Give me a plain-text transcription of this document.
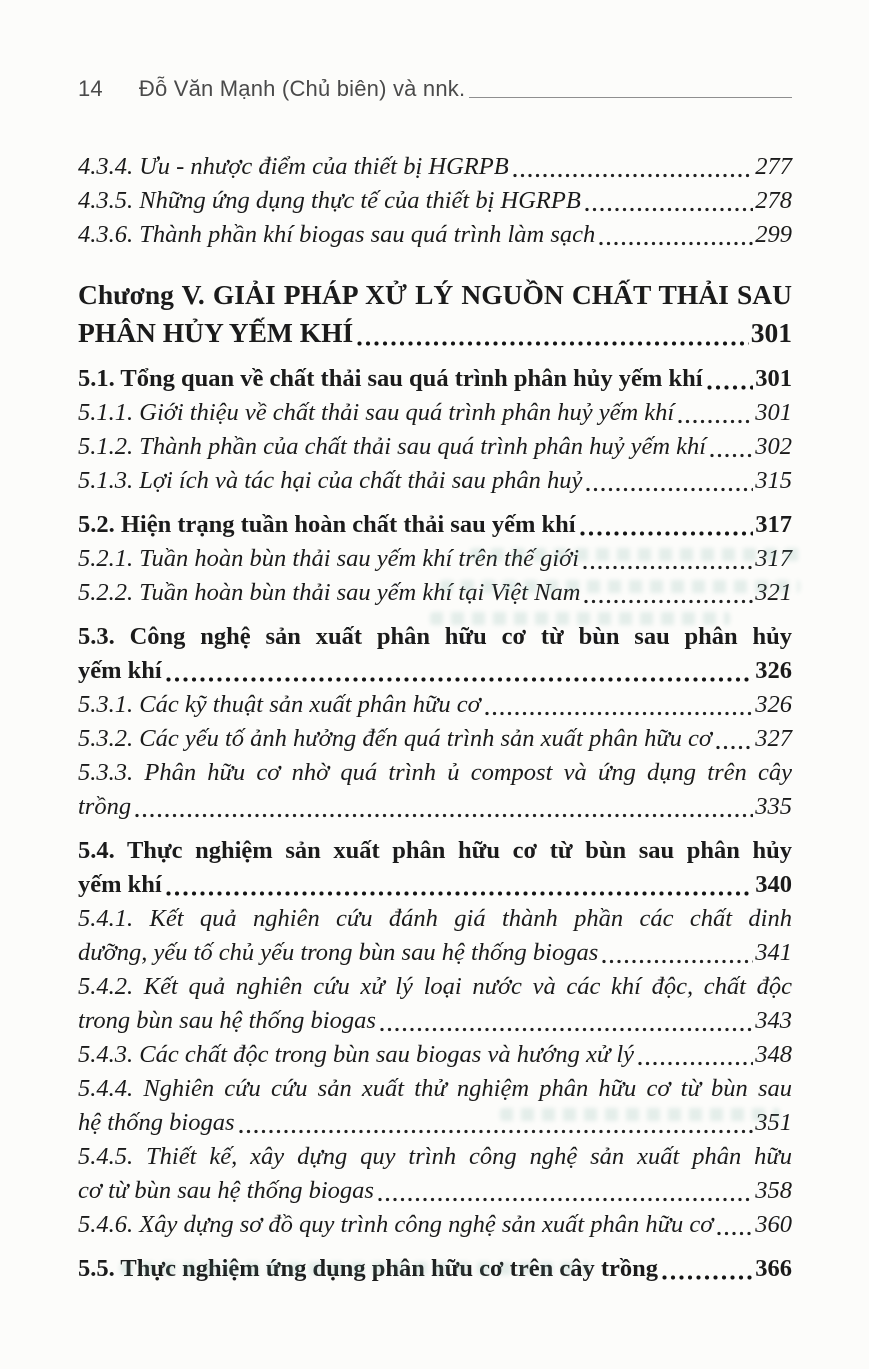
14 Đỗ Văn Mạnh (Chủ biên) và nnk.
4.3.4. Ưu - nhược điểm của thiết bị HGRPB	277
4.3.5. Những ứng dụng thực tế của thiết bị HGRPB	278
4.3.6. Thành phần khí biogas sau quá trình làm sạch	299
Chương V. GIẢI PHÁP XỬ LÝ NGUỒN CHẤT THẢI SAU
PHÂN HỦY YẾM KHÍ	301
5.1. Tổng quan về chất thải sau quá trình phân hủy yếm khí 301
5.1.1. Giới thiệu về chất thải sau quá trình phân huỷ yếm khí	301
5.1.2. Thành phần của chất thải sau quá trình phân huỷ yếm khí 302
5.1.3. Lợi ích và tác hại của chất thải sau phân huỷ	315
5.2. Hiện trạng tuần hoàn chất thải sau yếm khí	317
5.2.1. Tuần hoàn bùn thải sau yếm khí trên thế giới	317
5.2.2. Tuần hoàn bùn thải sau yếm khí tại Việt Nam	321
5.3. Công nghệ sản xuất phân hữu cơ từ bùn sau phân hủy
yếm khí	326
5.3.1. Các kỹ thuật sản xuất phân hữu cơ	326
5.3.2. Các yếu tố ảnh hưởng đến quá trình sản xuất phân hữu cơ 327
5.3.3. Phân hữu cơ nhờ quá trình ủ compost và ứng dụng trên cây
trồng	335
5.4. Thực nghiệm sản xuất phân hữu cơ từ bùn sau phân hủy
yếm khí	340
5.4.1. Kết quả nghiên cứu đánh giá thành phần các chất dinh
dưỡng, yếu tố chủ yếu trong bùn sau hệ thống biogas	341
5.4.2. Kết quả nghiên cứu xử lý loại nước và các khí độc, chất độc
trong bùn sau hệ thống biogas	343
5.4.3. Các chất độc trong bùn sau biogas và hướng xử lý	348
5.4.4. Nghiên cứu cứu sản xuất thử nghiệm phân hữu cơ từ bùn sau
hệ thống biogas	351
5.4.5. Thiết kế, xây dựng quy trình công nghệ sản xuất phân hữu
cơ từ bùn sau hệ thống biogas	358
5.4.6. Xây dựng sơ đồ quy trình công nghệ sản xuất phân hữu cơ 360
5.5. Thực nghiệm ứng dụng phân hữu cơ trên cây trồng	366
